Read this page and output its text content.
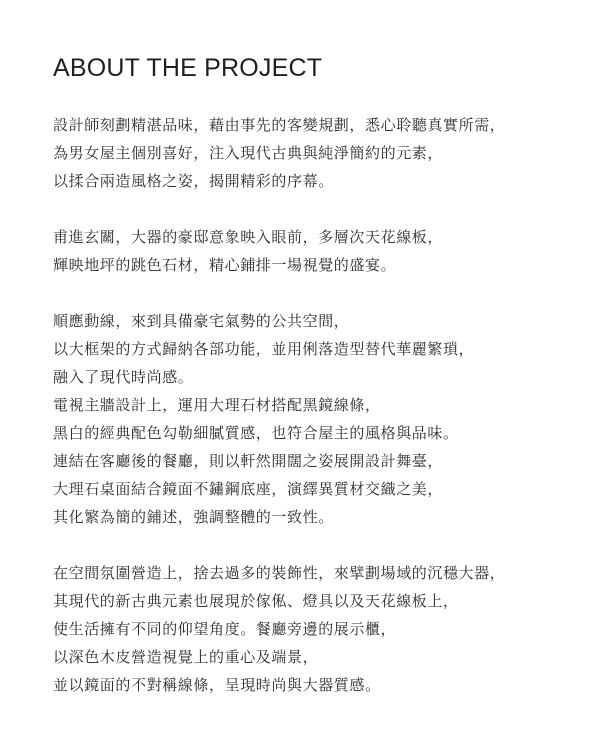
ABOUT THE PROJECT

設計師刻劃精湛品味，藉由事先的客變規劃，悉心聆聽真實所需，
為男女屋主個別喜好，注入現代古典與純淨簡約的元素，
以揉合兩造風格之姿，揭開精彩的序幕。

甫進玄關，大器的豪邸意象映入眼前，多層次天花線板，
輝映地坪的跳色石材，精心鋪排一場視覺的盛宴。

順應動線，來到具備豪宅氣勢的公共空間，
以大框架的方式歸納各部功能，並用俐落造型替代華麗繁瑣，
融入了現代時尚感。
電視主牆設計上，運用大理石材搭配黑鏡線條，
黑白的經典配色勾勒細膩質感，也符合屋主的風格與品味。
連結在客廳後的餐廳，則以軒然開闊之姿展開設計舞臺，
大理石桌面結合鏡面不鏽鋼底座，演繹異質材交織之美，
其化繁為簡的鋪述，強調整體的一致性。

在空間氛圍營造上，捨去過多的裝飾性，來擘劃場域的沉穩大器，
其現代的新古典元素也展現於傢俬、燈具以及天花線板上，
使生活擁有不同的仰望角度。餐廳旁邊的展示櫃，
以深色木皮營造視覺上的重心及端景，
並以鏡面的不對稱線條，呈現時尚與大器質感。
